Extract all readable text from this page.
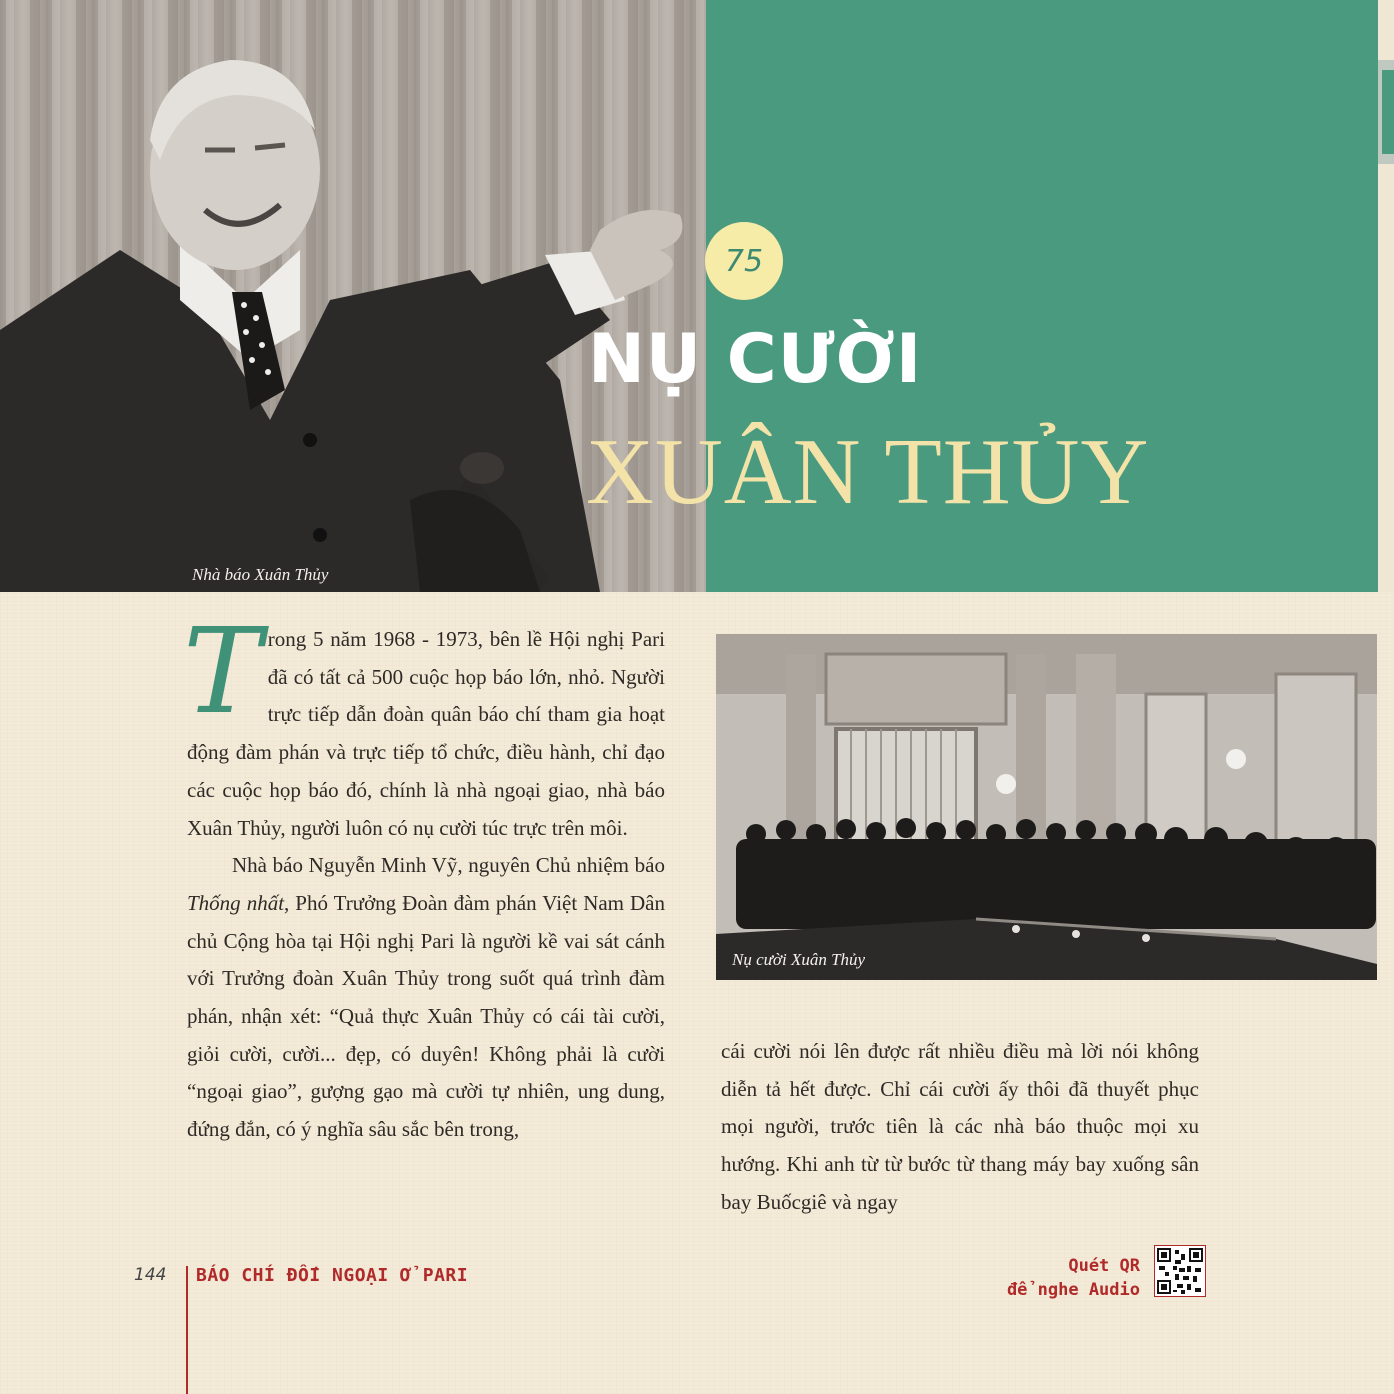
Nhà báo Xuân Thủy
75
NỤ CƯỜI
XUÂN THỦY

Trong 5 năm 1968 - 1973, bên lề Hội nghị Pari đã có tất cả 500 cuộc họp báo lớn, nhỏ. Người trực tiếp dẫn đoàn quân báo chí tham gia hoạt động đàm phán và trực tiếp tổ chức, điều hành, chỉ đạo các cuộc họp báo đó, chính là nhà ngoại giao, nhà báo Xuân Thủy, người luôn có nụ cười túc trực trên môi.

Nhà báo Nguyễn Minh Vỹ, nguyên Chủ nhiệm báo Thống nhất, Phó Trưởng Đoàn đàm phán Việt Nam Dân chủ Cộng hòa tại Hội nghị Pari là người kề vai sát cánh với Trưởng đoàn Xuân Thủy trong suốt quá trình đàm phán, nhận xét: “Quả thực Xuân Thủy có cái tài cười, giỏi cười, cười... đẹp, có duyên! Không phải là cười “ngoại giao”, gượng gạo mà cười tự nhiên, ung dung, đứng đắn, có ý nghĩa sâu sắc bên trong,

Nụ cười Xuân Thủy

cái cười nói lên được rất nhiều điều mà lời nói không diễn tả hết được. Chỉ cái cười ấy thôi đã thuyết phục mọi người, trước tiên là các nhà báo thuộc mọi xu hướng. Khi anh từ từ bước từ thang máy bay xuống sân bay Buốcgiê và ngay

144 BÁO CHÍ ĐỐI NGOẠI Ở PARI	Quét QR
để nghe Audio
